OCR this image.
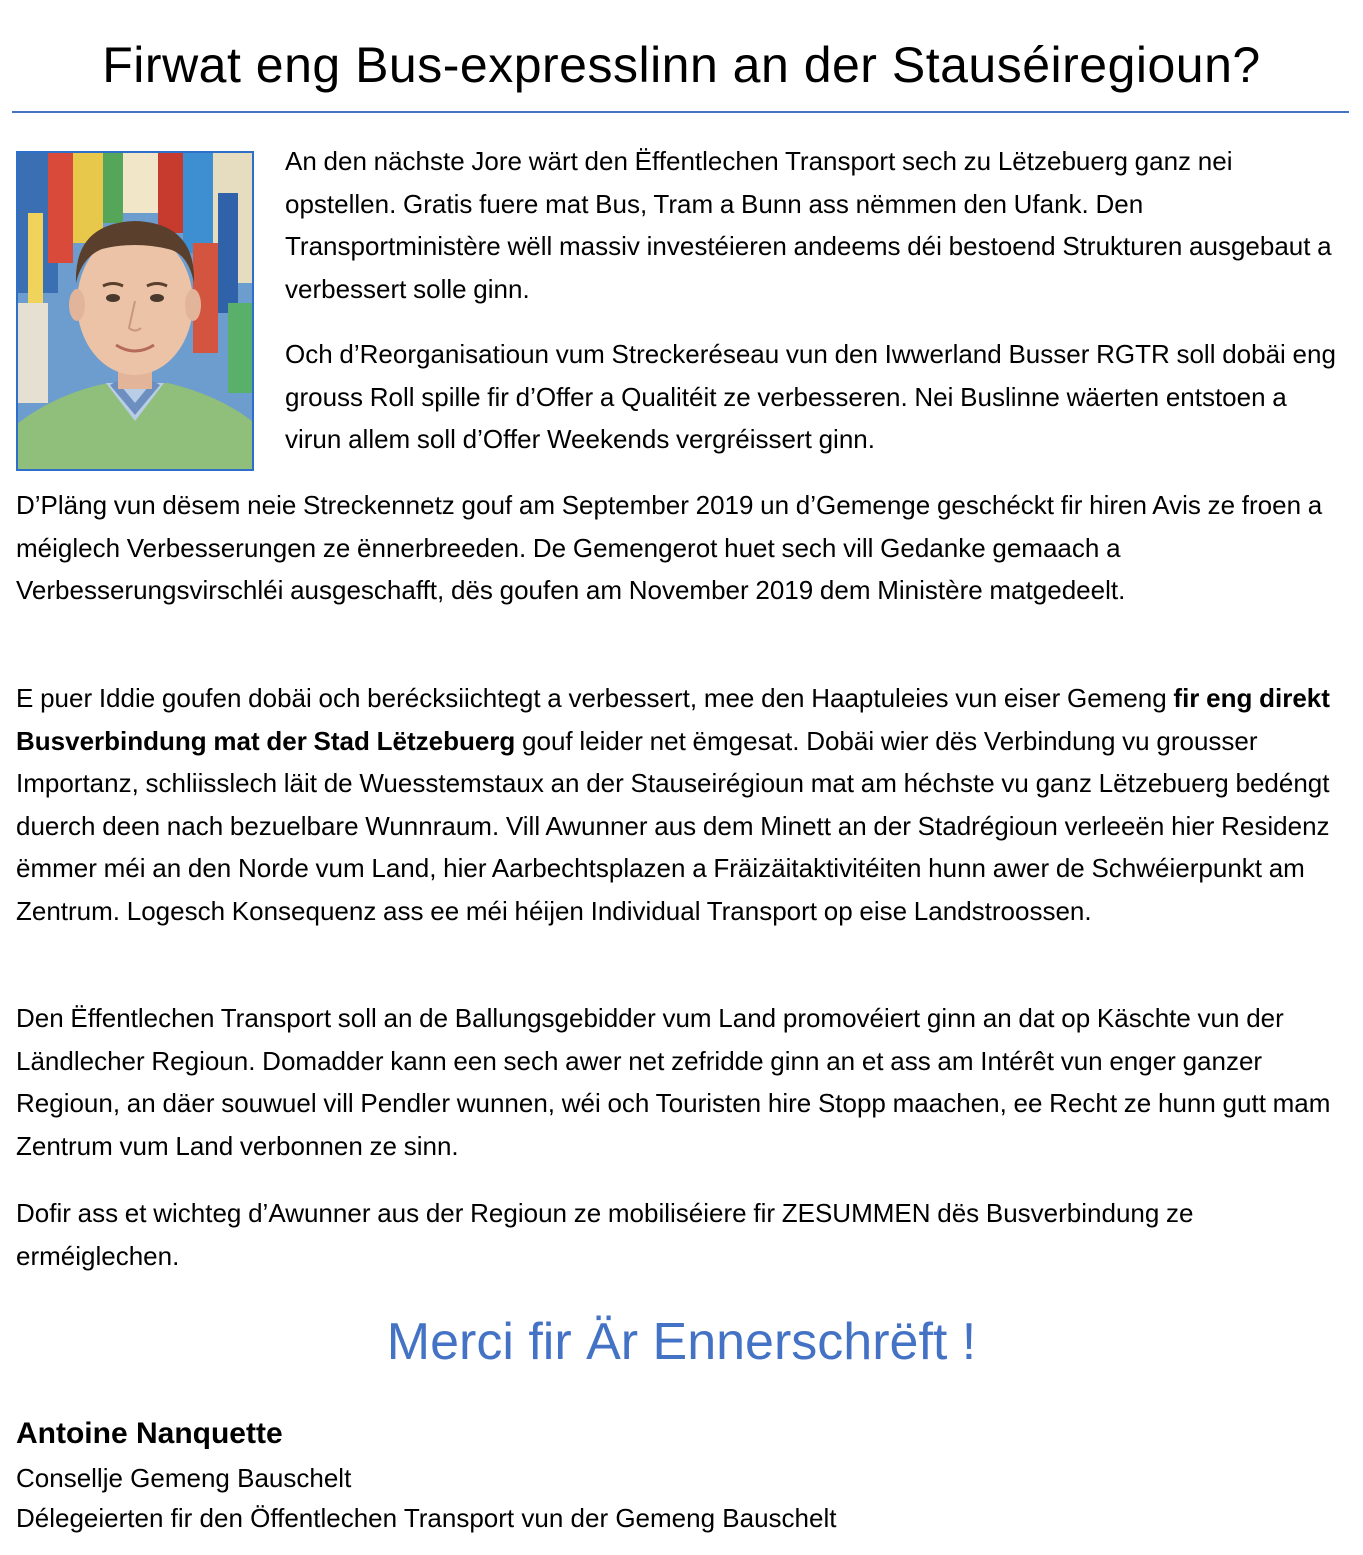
Firwat eng Bus-expresslinn an der Stauséiregioun?

An den nächste Jore wärt den Ëffentlechen Transport sech zu Lëtzebuerg ganz nei opstellen. Gratis fuere mat Bus, Tram a Bunn ass nëmmen den Ufank. Den Transportministère wëll massiv investéieren andeems déi bestoend Strukturen ausgebaut a verbessert solle ginn.

Och d’Reorganisatioun vum Streckeréseau vun den Iwwerland Busser RGTR soll dobäi eng grouss Roll spille fir d’Offer a Qualitéit ze verbesseren. Nei Buslinne wäerten entstoen a virun allem soll d’Offer Weekends vergréissert ginn.

D’Pläng vun dësem neie Streckennetz gouf am September 2019 un d’Gemenge geschéckt fir hiren Avis ze froen a méiglech Verbesserungen ze ënnerbreeden. De Gemengerot huet sech vill Gedanke gemaach a Verbesserungsvirschléi ausgeschafft, dës goufen am November 2019 dem Ministère matgedeelt.

E puer Iddie goufen dobäi och berécksiichtegt a verbessert, mee den Haaptuleies vun eiser Gemeng fir eng direkt Busverbindung mat der Stad Lëtzebuerg gouf leider net ëmgesat. Dobäi wier dës Verbindung vu grousser Importanz, schliisslech läit de Wuesstemstaux an der Stauseirégioun mat am héchste vu ganz Lëtzebuerg bedéngt duerch deen nach bezuelbare Wunnraum. Vill Awunner aus dem Minett an der Stadrégioun verleeën hier Residenz ëmmer méi an den Norde vum Land, hier Aarbechtsplazen a Fräizäitaktivitéiten hunn awer de Schwéierpunkt am Zentrum. Logesch Konsequenz ass ee méi héijen Individual Transport op eise Landstroossen.

Den Ëffentlechen Transport soll an de Ballungsgebidder vum Land promovéiert ginn an dat op Käschte vun der Ländlecher Regioun. Domadder kann een sech awer net zefridde ginn an et ass am Intérêt vun enger ganzer Regioun, an däer souwuel vill Pendler wunnen, wéi och Touristen hire Stopp maachen, ee Recht ze hunn gutt mam Zentrum vum Land verbonnen ze sinn.

Dofir ass et wichteg d’Awunner aus der Regioun ze mobiliséiere fir ZESUMMEN dës Busverbindung ze erméiglechen.

Merci fir Är Ennerschrëft !
Antoine Nanquette
Consellje Gemeng Bauschelt
Délegeierten fir den Öffentlechen Transport vun der Gemeng Bauschelt
